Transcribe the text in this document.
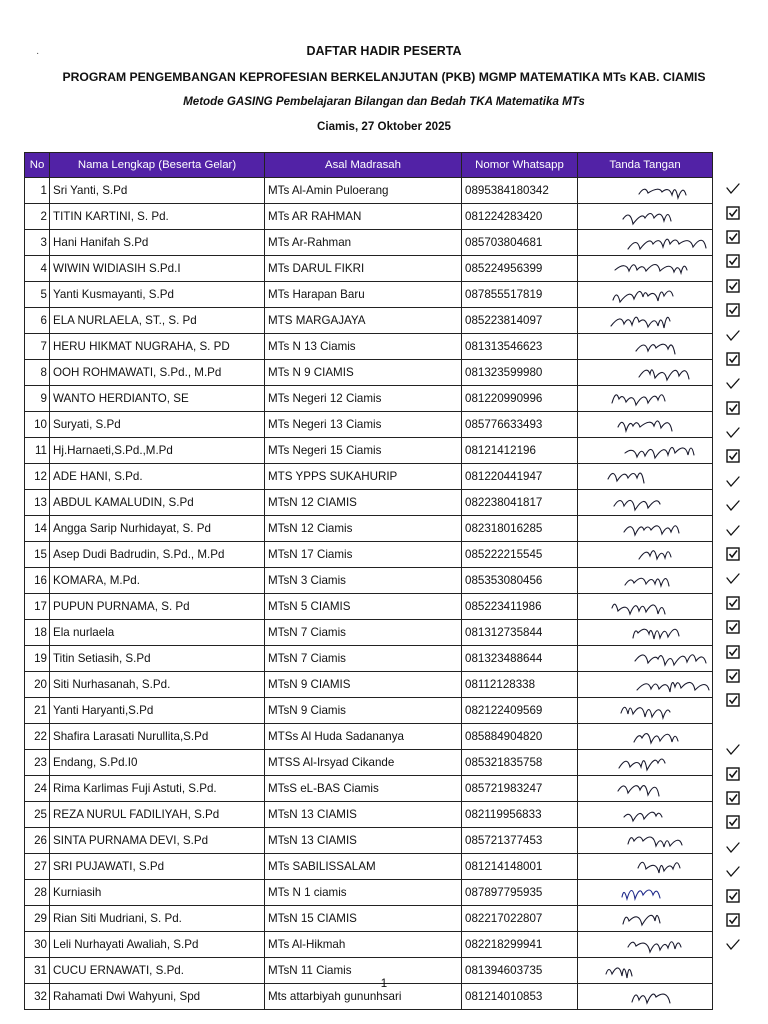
DAFTAR HADIR PESERTA
PROGRAM PENGEMBANGAN KEPROFESIAN BERKELANJUTAN (PKB) MGMP MATEMATIKA MTs KAB. CIAMIS
Metode GASING Pembelajaran Bilangan dan Bedah TKA Matematika MTs
Ciamis, 27 Oktober 2025
·
No	Nama Lengkap (Beserta Gelar)	Asal Madrasah	Nomor Whatsapp	Tanda Tangan
1	Sri Yanti, S.Pd	MTs Al-Amin Puloerang	0895384180342	
2	TITIN KARTINI, S. Pd.	MTs AR RAHMAN	081224283420	
3	Hani Hanifah S.Pd	MTs Ar-Rahman	085703804681	
4	WIWIN WIDIASIH S.Pd.I	MTs DARUL FIKRI	085224956399	
5	Yanti Kusmayanti, S.Pd	MTs Harapan Baru	087855517819	
6	ELA NURLAELA, ST., S. Pd	MTS MARGAJAYA	085223814097	
7	HERU HIKMAT NUGRAHA, S. PD	MTs N 13 Ciamis	081313546623	
8	OOH ROHMAWATI, S.Pd., M.Pd	MTs N 9 CIAMIS	081323599980	
9	WANTO HERDIANTO, SE	MTs Negeri 12 Ciamis	081220990996	
10	Suryati, S.Pd	MTs Negeri 13 Ciamis	085776633493	
11	Hj.Harnaeti,S.Pd.,M.Pd	MTs Negeri 15 Ciamis	08121412196	
12	ADE HANI, S.Pd.	MTS YPPS SUKAHURIP	081220441947	
13	ABDUL KAMALUDIN, S.Pd	MTsN 12 CIAMIS	082238041817	
14	Angga Sarip Nurhidayat, S. Pd	MTsN 12 Ciamis	082318016285	
15	Asep Dudi Badrudin, S.Pd., M.Pd	MTsN 17 Ciamis	085222215545	
16	KOMARA, M.Pd.	MTsN 3 Ciamis	085353080456	
17	PUPUN PURNAMA, S. Pd	MTsN 5 CIAMIS	085223411986	
18	Ela nurlaela	MTsN 7 Ciamis	081312735844	
19	Titin Setiasih, S.Pd	MTsN 7 Ciamis	081323488644	
20	Siti Nurhasanah, S.Pd.	MTsN 9 CIAMIS	08112128338	
21	Yanti Haryanti,S.Pd	MTsN 9 Ciamis	082122409569	
22	Shafira Larasati Nurullita,S.Pd	MTSs Al Huda Sadananya	085884904820	
23	Endang, S.Pd.I0	MTSS Al-Irsyad Cikande	085321835758	
24	Rima Karlimas Fuji Astuti, S.Pd.	MTsS eL-BAS Ciamis	085721983247	
25	REZA NURUL FADILIYAH, S.Pd	MTsN 13 CIAMIS	082119956833	
26	SINTA PURNAMA DEVI, S.Pd	MTsN 13 CIAMIS	085721377453	
27	SRI PUJAWATI, S.Pd	MTs SABILISSALAM	081214148001	
28	Kurniasih	MTs N 1 ciamis	087897795935	
29	Rian Siti Mudriani, S. Pd.	MTsN 15 CIAMIS	082217022807	
30	Leli Nurhayati Awaliah, S.Pd	MTs Al-Hikmah	082218299941	
31	CUCU ERNAWATI, S.Pd.	MTsN 11 Ciamis	081394603735	
32	Rahamati Dwi Wahyuni, Spd	Mts attarbiyah gununhsari	081214010853	
1
